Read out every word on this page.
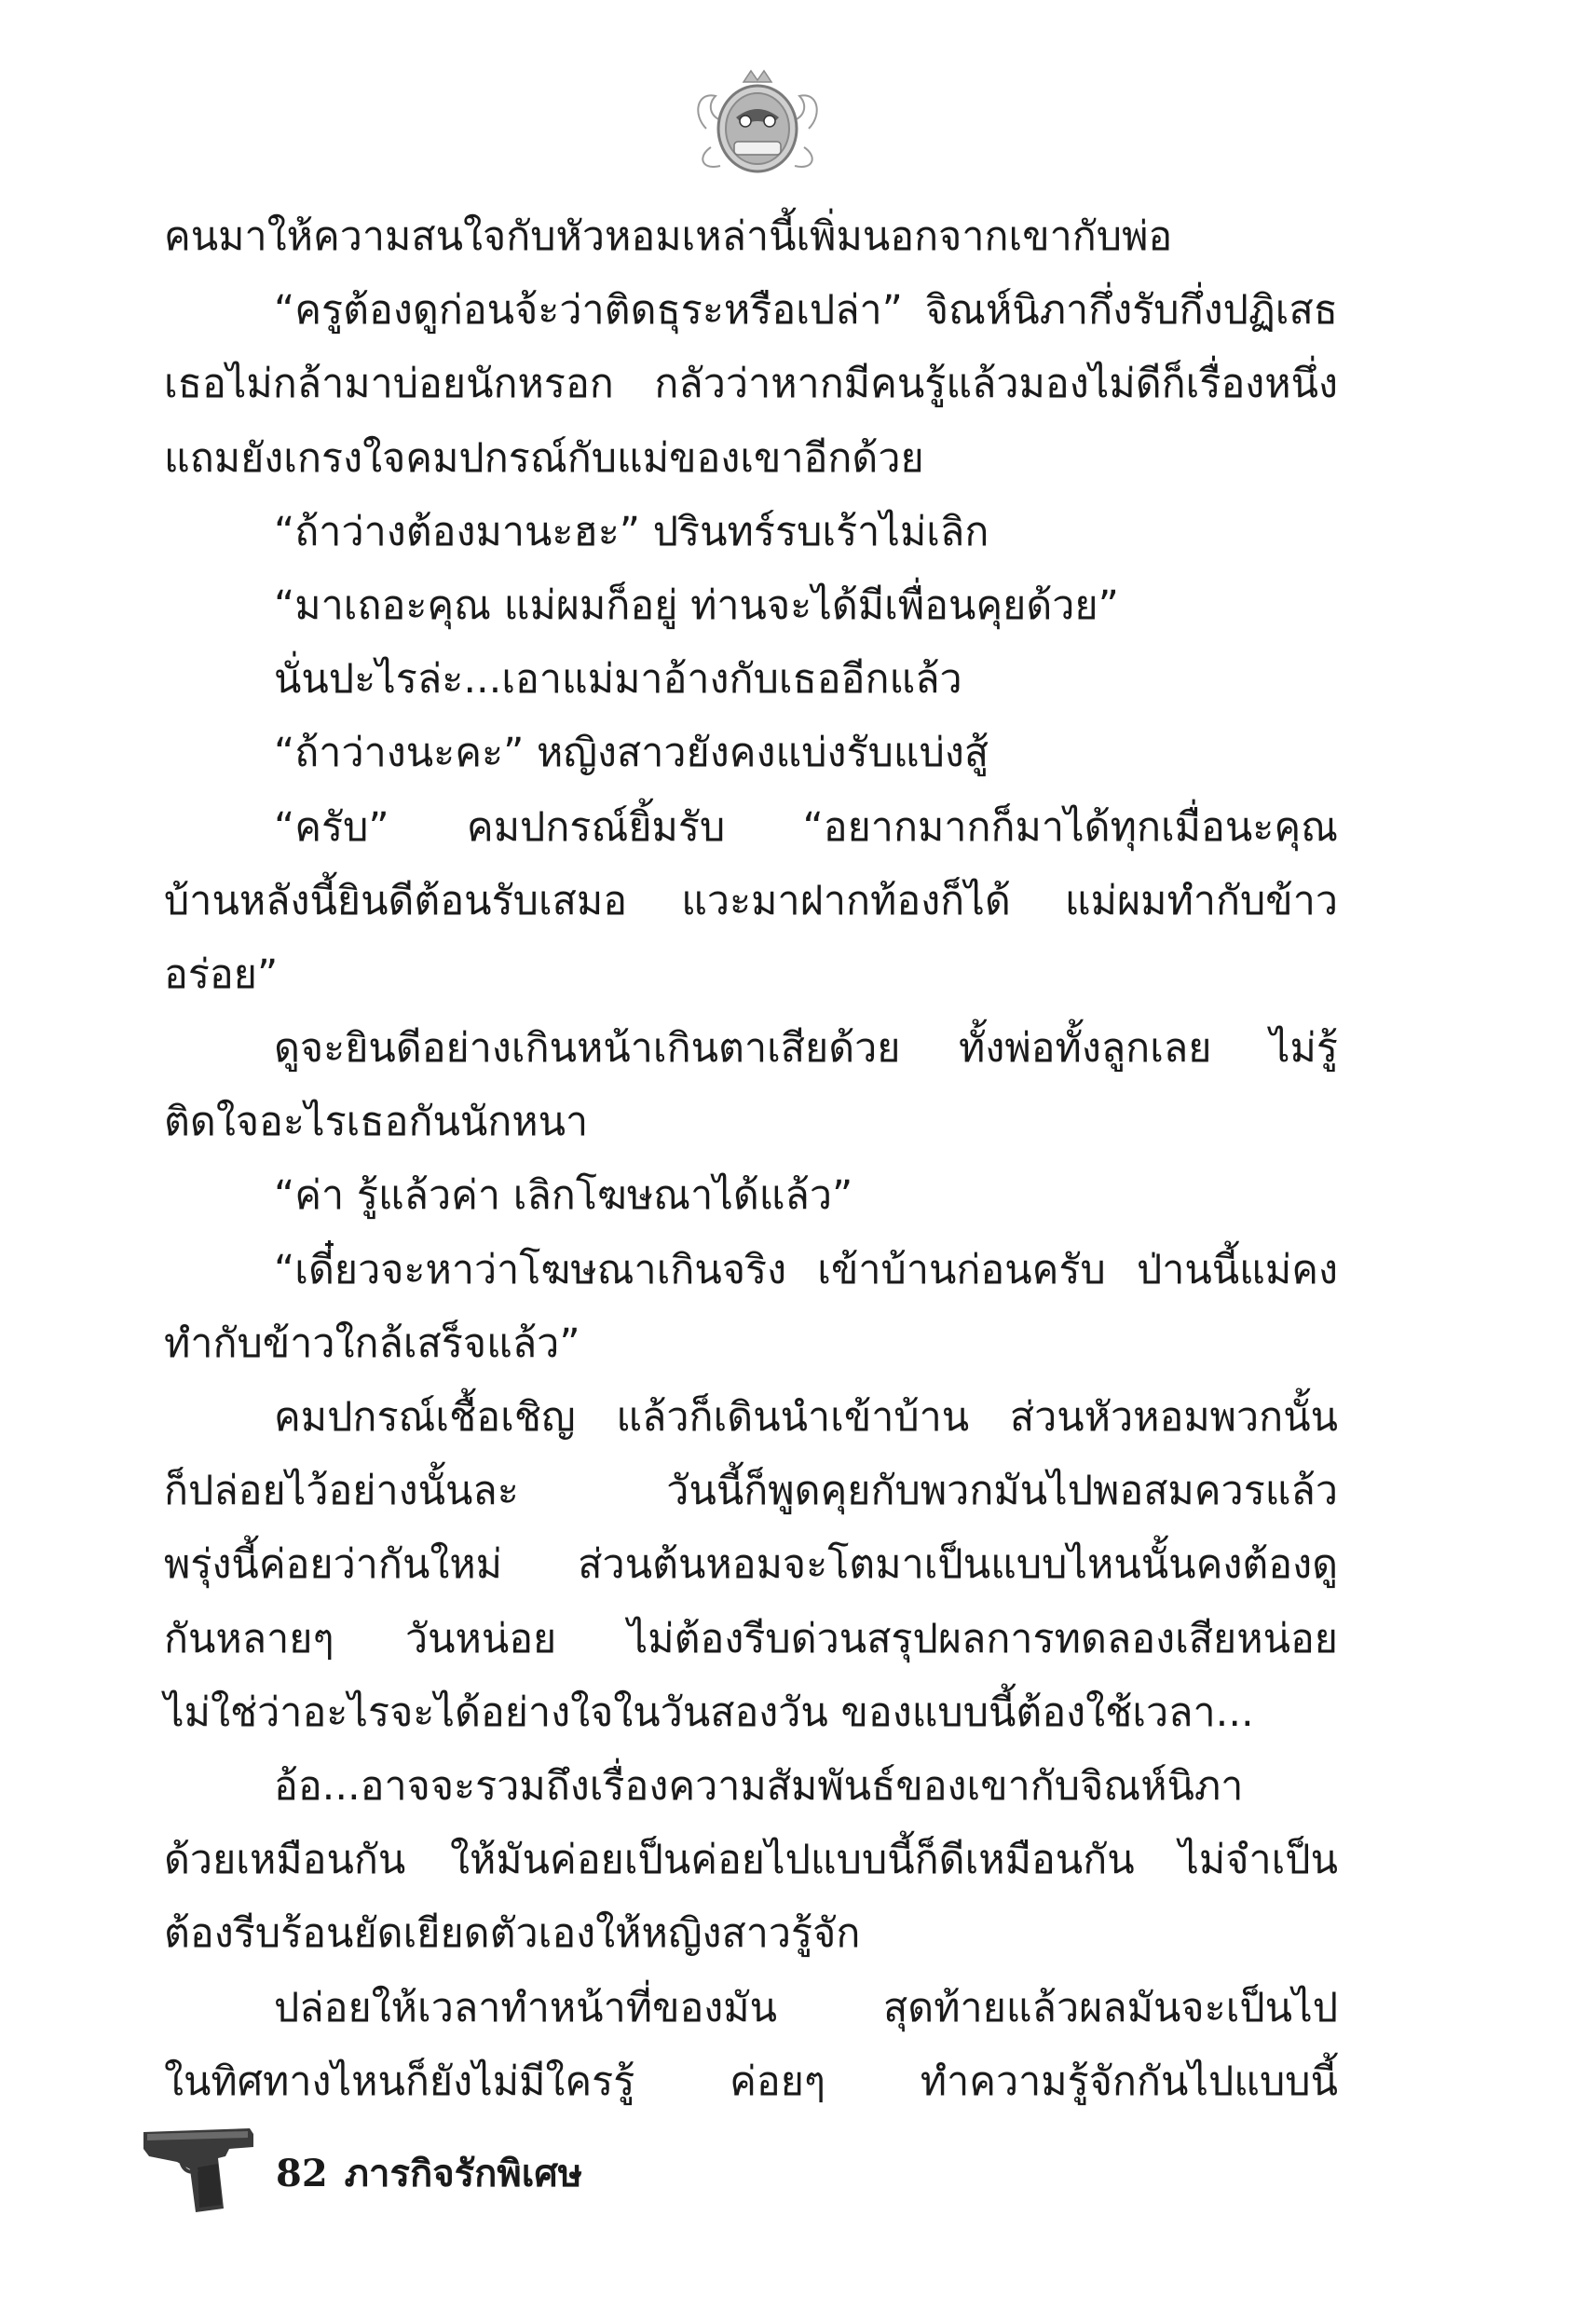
คนมาให้ความสนใจกับหัวหอมเหล่านี้เพิ่มนอกจากเขากับพ่อ
“ครูต้องดูก่อนจ้ะว่าติดธุระหรือเปล่า” จิณห์นิภากึ่งรับกึ่งปฏิเสธ
เธอไม่กล้ามาบ่อยนักหรอก กลัวว่าหากมีคนรู้แล้วมองไม่ดีก็เรื่องหนึ่ง
แถมยังเกรงใจคมปกรณ์กับแม่ของเขาอีกด้วย
“ถ้าว่างต้องมานะฮะ” ปรินทร์รบเร้าไม่เลิก
“มาเถอะคุณ แม่ผมก็อยู่ ท่านจะได้มีเพื่อนคุยด้วย”
นั่นปะไรล่ะ...เอาแม่มาอ้างกับเธออีกแล้ว
“ถ้าว่างนะคะ” หญิงสาวยังคงแบ่งรับแบ่งสู้
“ครับ” คมปกรณ์ยิ้มรับ “อยากมากก็มาได้ทุกเมื่อนะคุณ
บ้านหลังนี้ยินดีต้อนรับเสมอ แวะมาฝากท้องก็ได้ แม่ผมทำกับข้าว
อร่อย”
ดูจะยินดีอย่างเกินหน้าเกินตาเสียด้วย ทั้งพ่อทั้งลูกเลย ไม่รู้
ติดใจอะไรเธอกันนักหนา
“ค่า รู้แล้วค่า เลิกโฆษณาได้แล้ว”
“เดี๋ยวจะหาว่าโฆษณาเกินจริง เข้าบ้านก่อนครับ ป่านนี้แม่คง
ทำกับข้าวใกล้เสร็จแล้ว”
คมปกรณ์เชื้อเชิญ แล้วก็เดินนำเข้าบ้าน ส่วนหัวหอมพวกนั้น
ก็ปล่อยไว้อย่างนั้นละ วันนี้ก็พูดคุยกับพวกมันไปพอสมควรแล้ว
พรุ่งนี้ค่อยว่ากันใหม่ ส่วนต้นหอมจะโตมาเป็นแบบไหนนั้นคงต้องดู
กันหลายๆ วันหน่อย ไม่ต้องรีบด่วนสรุปผลการทดลองเสียหน่อย
ไม่ใช่ว่าอะไรจะได้อย่างใจในวันสองวัน ของแบบนี้ต้องใช้เวลา...
อ้อ...อาจจะรวมถึงเรื่องความสัมพันธ์ของเขากับจิณห์นิภา
ด้วยเหมือนกัน ให้มันค่อยเป็นค่อยไปแบบนี้ก็ดีเหมือนกัน ไม่จำเป็น
ต้องรีบร้อนยัดเยียดตัวเองให้หญิงสาวรู้จัก
ปล่อยให้เวลาทำหน้าที่ของมัน สุดท้ายแล้วผลมันจะเป็นไป
ในทิศทางไหนก็ยังไม่มีใครรู้ ค่อยๆ ทำความรู้จักกันไปแบบนี้
82 ภารกิจรักพิเศษ
